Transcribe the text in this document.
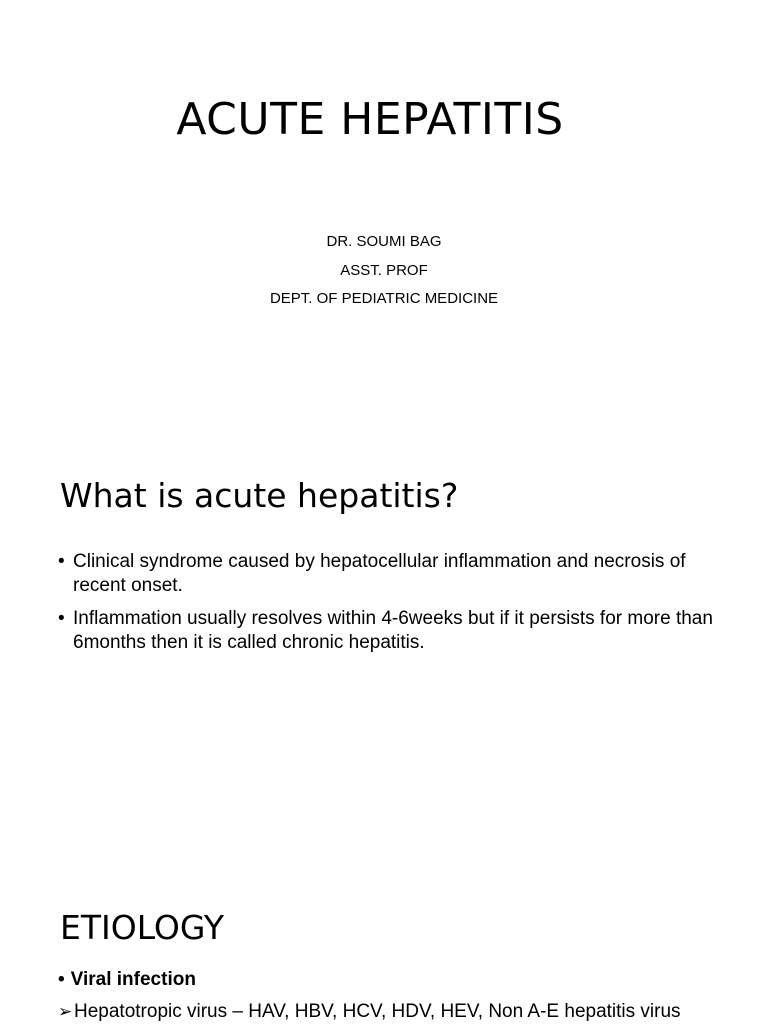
ACUTE HEPATITIS
DR. SOUMI BAG
ASST. PROF
DEPT. OF PEDIATRIC MEDICINE
What is acute hepatitis?
• Clinical syndrome caused by hepatocellular inflammation and necrosis of recent onset.
• Inflammation usually resolves within 4-6weeks but if it persists for more than 6months then it is called chronic hepatitis.
ETIOLOGY
• Viral infection
➢Hepatotropic virus – HAV, HBV, HCV, HDV, HEV, Non A-E hepatitis virus
